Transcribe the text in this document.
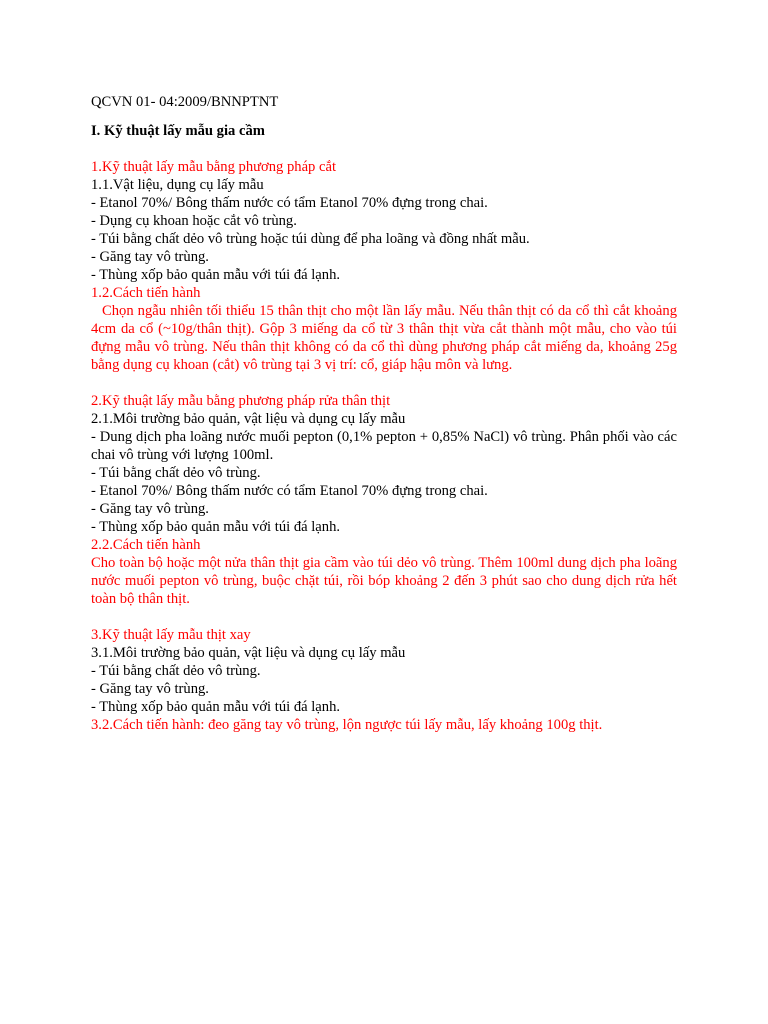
QCVN 01- 04:2009/BNNPTNT
I. Kỹ thuật lấy mẫu gia cầm
1.Kỹ thuật lấy mẫu bằng phương pháp cắt
1.1.Vật liệu, dụng cụ lấy mẫu
- Etanol 70%/ Bông thấm nước có tẩm Etanol 70% đựng trong chai.
- Dụng cụ khoan hoặc cắt vô trùng.
- Túi bằng chất dẻo vô trùng hoặc túi dùng để pha loãng và đồng nhất mẫu.
- Găng tay vô trùng.
- Thùng xốp bảo quản mẫu với túi đá lạnh.
1.2.Cách tiến hành

Chọn ngẫu nhiên tối thiểu 15 thân thịt cho một lần lấy mẫu. Nếu thân thịt có da cổ thì cắt khoảng 4cm da cổ (~10g/thân thịt). Gộp 3 miếng da cổ từ 3 thân thịt vừa cắt thành một mẫu, cho vào túi đựng mẫu vô trùng. Nếu thân thịt không có da cổ thì dùng phương pháp cắt miếng da, khoảng 25g bằng dụng cụ khoan (cắt) vô trùng tại 3 vị trí: cổ, giáp hậu môn và lưng.

2.Kỹ thuật lấy mẫu bằng phương pháp rửa thân thịt
2.1.Môi trường bảo quản, vật liệu và dụng cụ lấy mẫu

- Dung dịch pha loãng nước muối pepton (0,1% pepton + 0,85% NaCl) vô trùng. Phân phối vào các chai vô trùng với lượng 100ml.

- Túi bằng chất dẻo vô trùng.
- Etanol 70%/ Bông thấm nước có tẩm Etanol 70% đựng trong chai.
- Găng tay vô trùng.
- Thùng xốp bảo quản mẫu với túi đá lạnh.
2.2.Cách tiến hành

Cho toàn bộ hoặc một nửa thân thịt gia cầm vào túi dẻo vô trùng. Thêm 100ml dung dịch pha loãng nước muối pepton vô trùng, buộc chặt túi, rồi bóp khoảng 2 đến 3 phút sao cho dung dịch rửa hết toàn bộ thân thịt.

3.Kỹ thuật lấy mẫu thịt xay
3.1.Môi trường bảo quản, vật liệu và dụng cụ lấy mẫu
- Túi bằng chất dẻo vô trùng.
- Găng tay vô trùng.
- Thùng xốp bảo quản mẫu với túi đá lạnh.
3.2.Cách tiến hành: đeo găng tay vô trùng, lộn ngược túi lấy mẫu, lấy khoảng 100g thịt.
